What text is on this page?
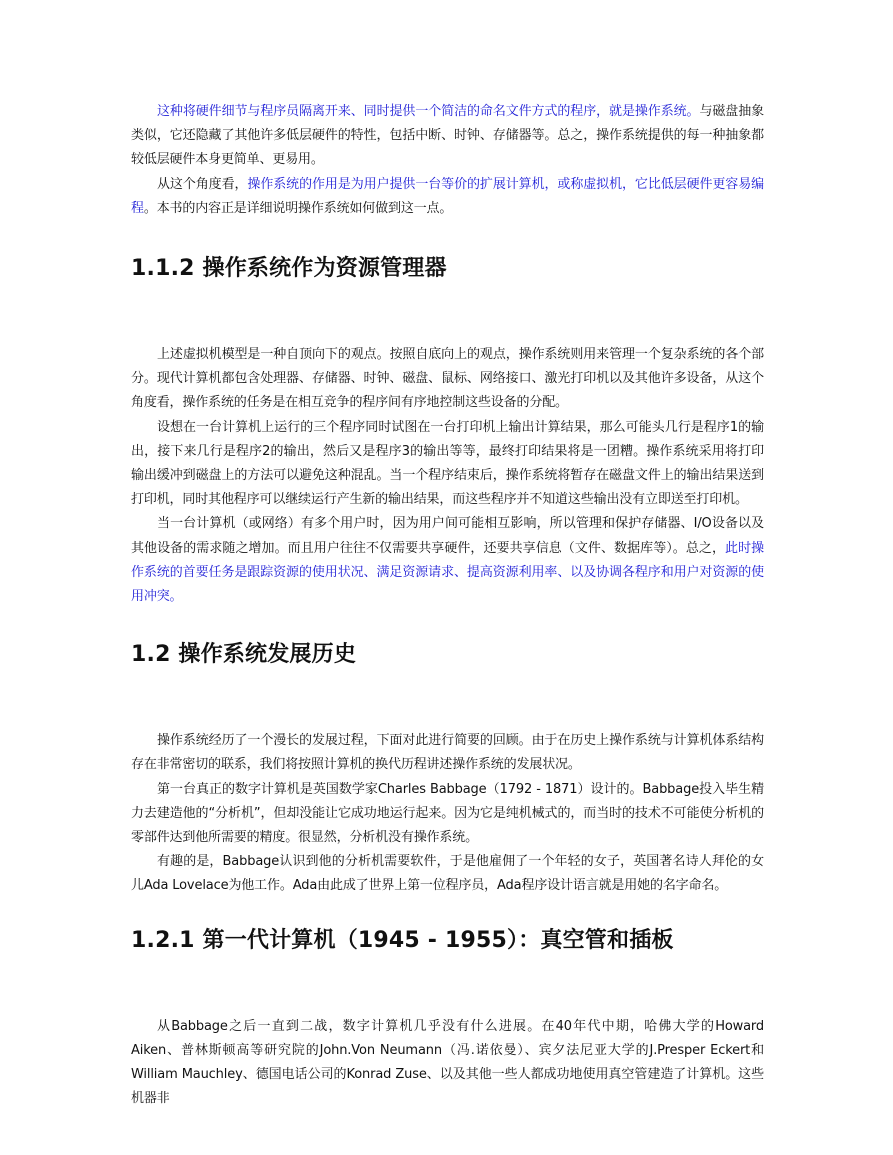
这种将硬件细节与程序员隔离开来、同时提供一个简洁的命名文件方式的程序，就是操作系统。与磁盘抽象类似，它还隐藏了其他许多低层硬件的特性，包括中断、时钟、存储器等。总之，操作系统提供的每一种抽象都较低层硬件本身更简单、更易用。

从这个角度看，操作系统的作用是为用户提供一台等价的扩展计算机，或称虚拟机，它比低层硬件更容易编程。本书的内容正是详细说明操作系统如何做到这一点。

1.1.2 操作系统作为资源管理器

上述虚拟机模型是一种自顶向下的观点。按照自底向上的观点，操作系统则用来管理一个复杂系统的各个部分。现代计算机都包含处理器、存储器、时钟、磁盘、鼠标、网络接口、激光打印机以及其他许多设备，从这个角度看，操作系统的任务是在相互竞争的程序间有序地控制这些设备的分配。

设想在一台计算机上运行的三个程序同时试图在一台打印机上输出计算结果，那么可能头几行是程序1的输出，接下来几行是程序2的输出，然后又是程序3的输出等等，最终打印结果将是一团糟。操作系统采用将打印输出缓冲到磁盘上的方法可以避免这种混乱。当一个程序结束后，操作系统将暂存在磁盘文件上的输出结果送到打印机，同时其他程序可以继续运行产生新的输出结果，而这些程序并不知道这些输出没有立即送至打印机。

当一台计算机（或网络）有多个用户时，因为用户间可能相互影响，所以管理和保护存储器、I/O设备以及其他设备的需求随之增加。而且用户往往不仅需要共享硬件，还要共享信息（文件、数据库等）。总之，此时操作系统的首要任务是跟踪资源的使用状况、满足资源请求、提高资源利用率、以及协调各程序和用户对资源的使用冲突。

1.2 操作系统发展历史

操作系统经历了一个漫长的发展过程，下面对此进行简要的回顾。由于在历史上操作系统与计算机体系结构存在非常密切的联系，我们将按照计算机的换代历程讲述操作系统的发展状况。

第一台真正的数字计算机是英国数学家Charles Babbage（1792 - 1871）设计的。Babbage投入毕生精力去建造他的“分析机”，但却没能让它成功地运行起来。因为它是纯机械式的，而当时的技术不可能使分析机的零部件达到他所需要的精度。很显然，分析机没有操作系统。

有趣的是，Babbage认识到他的分析机需要软件，于是他雇佣了一个年轻的女子，英国著名诗人拜伦的女儿Ada Lovelace为他工作。Ada由此成了世界上第一位程序员，Ada程序设计语言就是用她的名字命名。

1.2.1 第一代计算机（1945 - 1955）：真空管和插板

从Babbage之后一直到二战，数字计算机几乎没有什么进展。在40年代中期，哈佛大学的Howard Aiken、普林斯顿高等研究院的John.Von Neumann（冯.诺依曼）、宾夕法尼亚大学的J.Presper Eckert和William Mauchley、德国电话公司的Konrad Zuse、以及其他一些人都成功地使用真空管建造了计算机。这些机器非
